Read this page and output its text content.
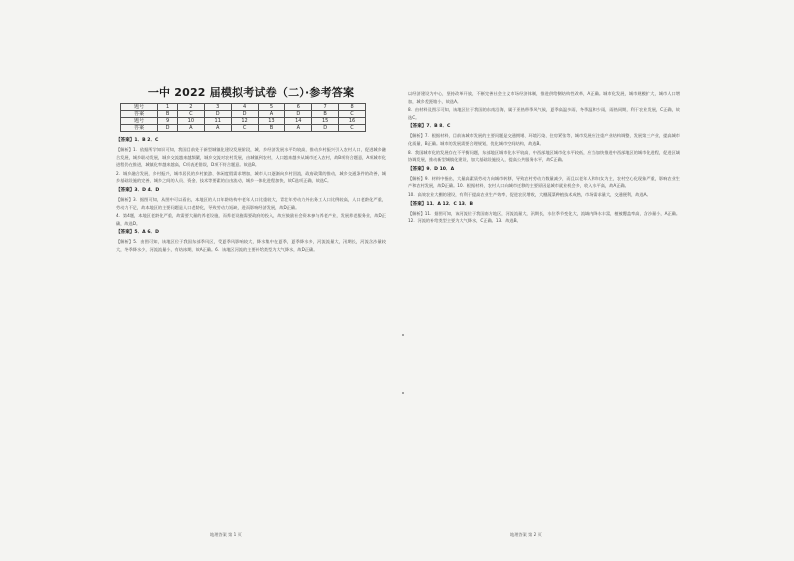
一中 2022 届模拟考试卷（二）·参考答案
题号	1	2	3	4	5	6	7	8
答案	B	C	D	D	A	D	B	C
题号	9	10	11	12	13	14	15	16
答案	D	A	A	C	B	A	D	C
【答案】1．B 2．C
【解析】1．依据所学知识可知，我国目前处于新型城镇化建设发展阶段，城、乡经济发展水平均较高，推动乡村振兴引入农村人口，促进城乡融合发展，城乡联动发展，城乡交流越来越频繁，城乡交流对农村发展，由城镇到农村，人口越来越多从城市迁入农村，故B项符合题意，A项城市化进程仍在推进，城镇化率越来越高，C项表述错误，D项不符合题意。故选B。
2．城乡融合发展，乡村振兴，城市居民的乡村旅游、休闲度假需求增加，城市人口逐渐向乡村回流，政府政策的推动，城乡交通条件的改善，城乡基础设施的完善，城乡之间的人员、资金、技术等要素的自由流动，城乡一体化进程加快，故C选项正确，故选C。
【答案】3．D 4．D
【解析】3．据图可知，从图中可以看出，本地区的人口年龄结构中老年人口比重较大，青壮年劳动力外出务工人口比例较高，人口老龄化严重，劳动力不足，故本地区的主要问题是人口老龄化，导致劳动力短缺，进而影响经济发展，故D正确。
4．第4题，本地区老龄化严重，故需要大量的养老设施，而养老设施需要政府的投入，故应鼓励社会资本参与养老产业，发展养老服务业，故D正确，故选D。
【答案】5．A 6．D
【解析】5．由图可知，该地区位于我国东部季风区，受夏季风影响较大，降水集中在夏季，夏季降水多，河流流量大，汛期长，河流含沙量较大，冬季降水少，河流流量小，有结冰期，故A正确。6．该地区河流的主要补给类型为大气降水，故D正确。
以经济建设为中心，坚持改革开放，不断完善社会主义市场经济体制，推进供给侧结构性改革，A正确。城市化发展，城市规模扩大，城市人口增加，城乡差距缩小，故选A。
8．由材料及图示可知，该地区位于我国的东南沿海，属于亚热带季风气候，夏季高温多雨，冬季温和少雨，雨热同期，利于农业发展，C正确，故选C。
【答案】7．B 8．C
【解析】7．根据材料，目前该城市发展的主要问题是交通拥堵、环境污染、住房紧张等，城市发展应注重产业结构调整，发展第三产业，提高城市化质量，B正确。城市的发展需要合理规划，优化城市空间结构，故选B。
8．我国城市化的发展存在不平衡问题，东部地区城市化水平较高，中西部地区城市化水平较低，应当加快推进中西部地区的城市化进程，促进区域协调发展，推动新型城镇化建设，加大基础设施投入，提高公共服务水平，故C正确。
【答案】9．D 10．A
【解析】9．材料中指出，大量高素质劳动力向城市转移，导致农村劳动力数量减少，而且以老年人和妇女为主，农村空心化现象严重，影响农业生产和农村发展，故D正确。10．根据材料，农村人口向城市迁移的主要原因是城市就业机会多，收入水平高，故A正确。
10．高效农业大棚的建设，有利于提高农业生产效率，促进农民增收，大棚蔬菜种植技术成熟，市场需求量大，交通便利，故选A。
【答案】11．A 12．C 13．B
【解析】11．据图可知，该河流位于我国南方地区，河流流量大，汛期长，水位季节变化大，流域内降水丰富，植被覆盖率高，含沙量小，A正确。12．河流的补给类型主要为大气降水，C正确。13．故选B。
地理答案 第 1 页	地理答案 第 2 页
